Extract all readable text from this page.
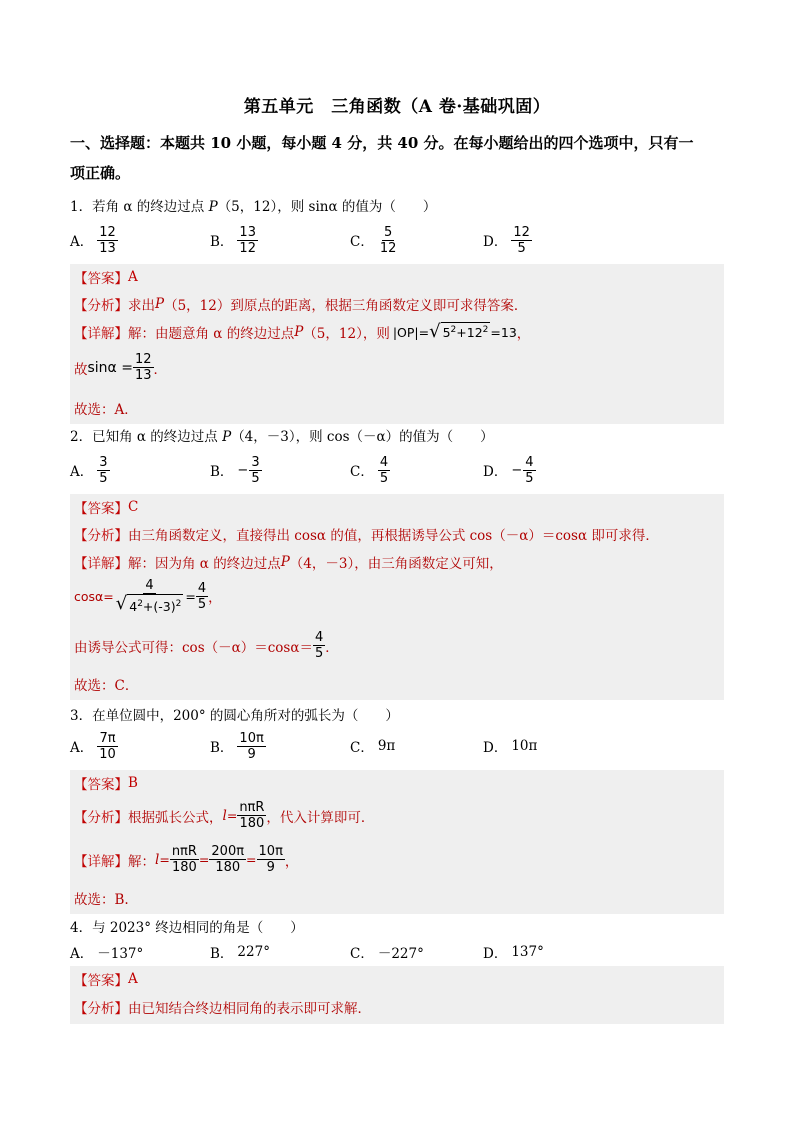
第五单元　三角函数（A 卷·基础巩固）
一、选择题：本题共 10 小题，每小题 4 分，共 40 分。在每小题给出的四个选项中，只有一
项正确。
1．若角 α 的终边过点 P（5，12），则 sinα 的值为（　　）
A． $\frac{12}{13}$	B． $\frac{13}{12}$	C． $\frac{5}{12}$	D． $\frac{12}{5}$
【答案】 A
【分析】 求出 P （5，12）到原点的距离，根据三角函数定义即可求得答案．
【详解】 解：由题意角 α 的终边过点 P （5，12），则 |OP|= √ $5^2+12^2 =13$ ，
故 $\sin\alpha = \frac{12}{13}$ ．
故选：A．
2．已知角 α 的终边过点 P（4，－3），则 cos（－α）的值为（　　）
A． $\frac{3}{5}$	B． − $\frac{3}{5}$	C． $\frac{4}{5}$	D． − $\frac{4}{5}$
【答案】 C
【分析】 由三角函数定义，直接得出 cosα 的值，再根据诱导公式 cos（－α）＝cosα 即可求得．
【详解】 解：因为角 α 的终边过点 P （4，－3），由三角函数定义可知，
$\cos\alpha= \frac{4}{√ 4^2+(-3)^2} = \frac{4}{5}$ ，
由诱导公式可得：$\cos(-\alpha)=\cos\alpha= \frac{4}{5}$ ．
故选：C．
3．在单位圆中，200° 的圆心角所对的弧长为（　　）
A． $\frac{7\pi}{10}$	B． $\frac{10\pi}{9}$	C． 9π	D． 10π
【答案】 B
【分析】 根据弧长公式， $l = \frac{\text{nπR}}{180}$ ，代入计算即可．
【详解】 解： $l = \frac{\text{nπR}}{180} = \frac{200\pi}{180} = \frac{10\pi}{9}$ ，
故选：B.
4．与 2023° 终边相同的角是（　　）
A． －137°	B． 227°	C． －227°	D． 137°
【答案】 A
【分析】 由已知结合终边相同角的表示即可求解．
